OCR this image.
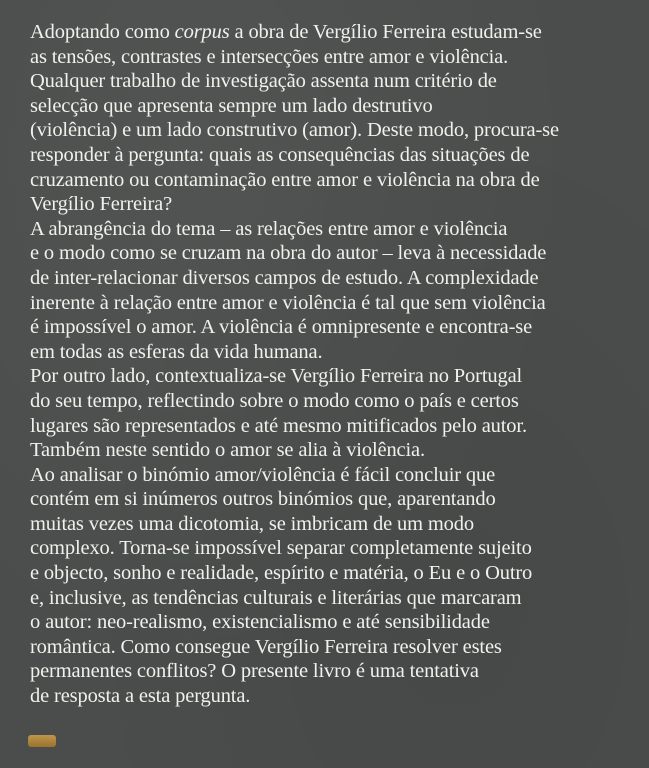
Adoptando como corpus a obra de Vergílio Ferreira estudam-se
as tensões, contrastes e intersecções entre amor e violência.
Qualquer trabalho de investigação assenta num critério de
selecção que apresenta sempre um lado destrutivo
(violência) e um lado construtivo (amor). Deste modo, procura-se
responder à pergunta: quais as consequências das situações de
cruzamento ou contaminação entre amor e violência na obra de
Vergílio Ferreira?
A abrangência do tema – as relações entre amor e violência
e o modo como se cruzam na obra do autor – leva à necessidade
de inter-relacionar diversos campos de estudo. A complexidade
inerente à relação entre amor e violência é tal que sem violência
é impossível o amor. A violência é omnipresente e encontra-se
em todas as esferas da vida humana.
Por outro lado, contextualiza-se Vergílio Ferreira no Portugal
do seu tempo, reflectindo sobre o modo como o país e certos
lugares são representados e até mesmo mitificados pelo autor.
Também neste sentido o amor se alia à violência.
Ao analisar o binómio amor/violência é fácil concluir que
contém em si inúmeros outros binómios que, aparentando
muitas vezes uma dicotomia, se imbricam de um modo
complexo. Torna-se impossível separar completamente sujeito
e objecto, sonho e realidade, espírito e matéria, o Eu e o Outro
e, inclusive, as tendências culturais e literárias que marcaram
o autor: neo-realismo, existencialismo e até sensibilidade
romântica. Como consegue Vergílio Ferreira resolver estes
permanentes conflitos? O presente livro é uma tentativa
de resposta a esta pergunta.
